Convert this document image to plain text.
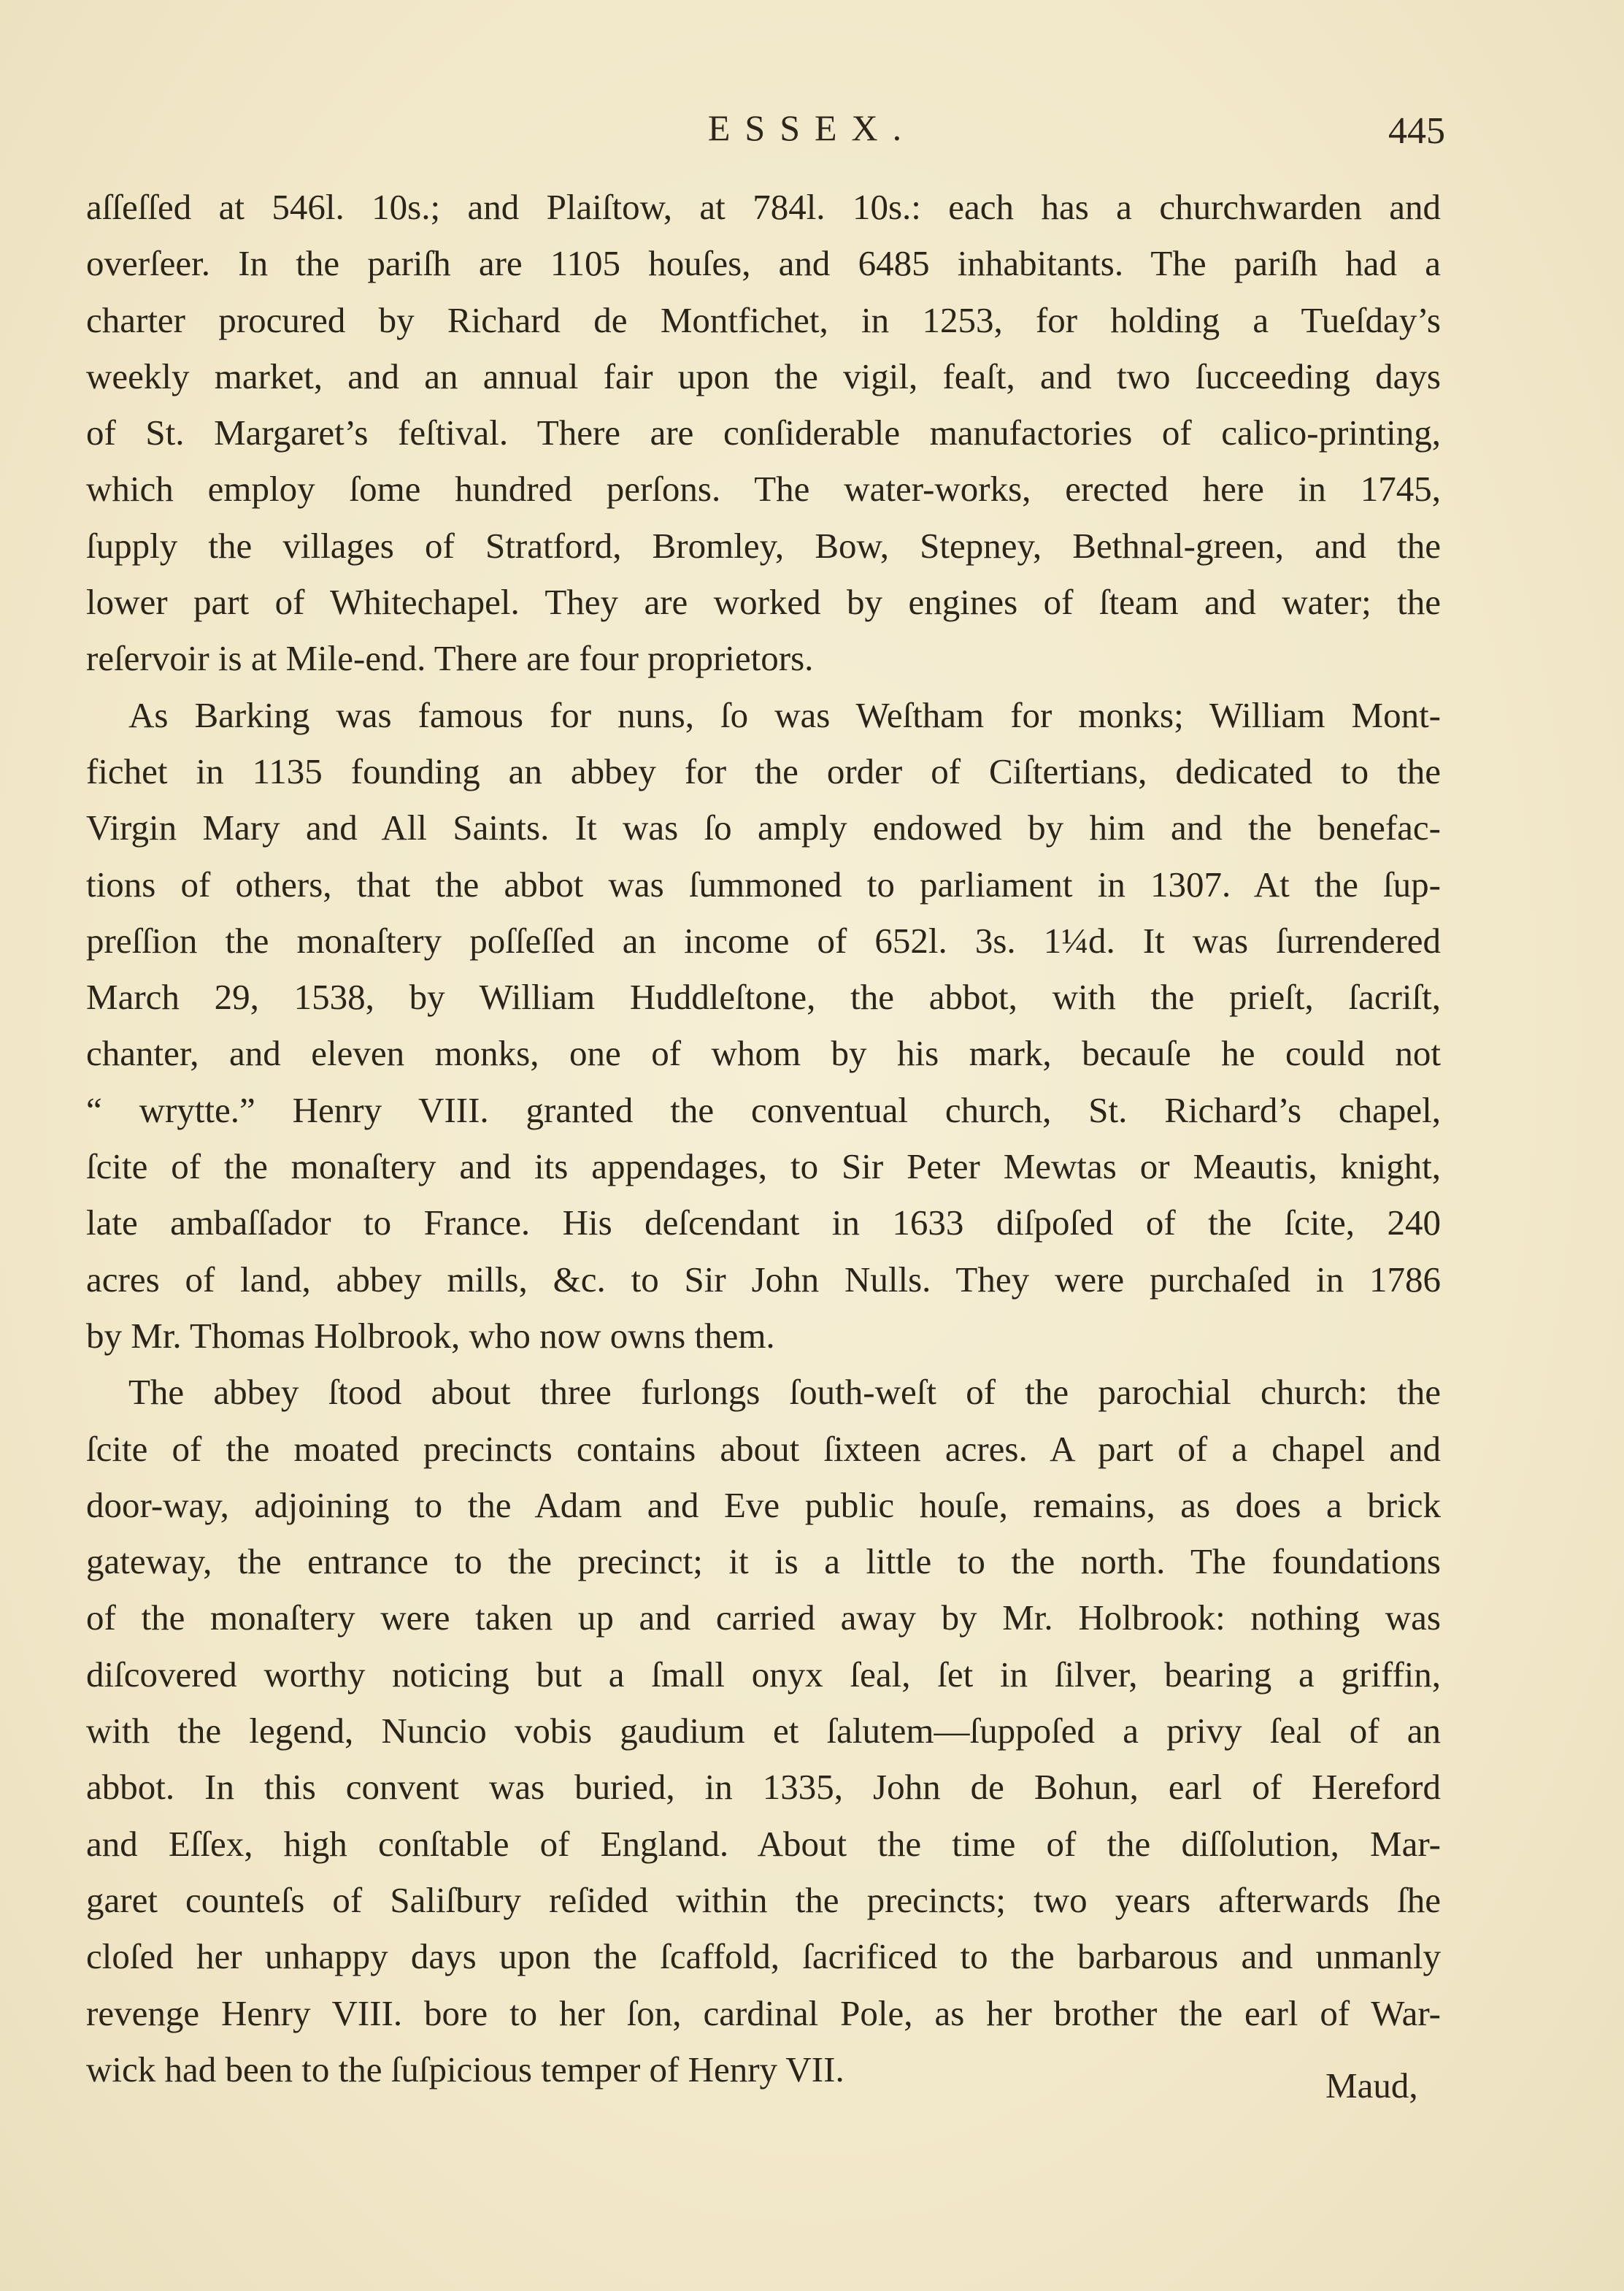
ESSEX.	445
aſſeſſed at 546l. 10s.; and Plaiſtow, at 784l. 10s.: each has a churchwarden and
overſeer. In the pariſh are 1105 houſes, and 6485 inhabitants. The pariſh had a
charter procured by Richard de Montfichet, in 1253, for holding a Tueſday’s
weekly market, and an annual fair upon the vigil, feaſt, and two ſucceeding days
of St. Margaret’s feſtival. There are conſiderable manufactories of calico-printing,
which employ ſome hundred perſons. The water-works, erected here in 1745,
ſupply the villages of Stratford, Bromley, Bow, Stepney, Bethnal-green, and the
lower part of Whitechapel. They are worked by engines of ſteam and water; the
reſervoir is at Mile-end. There are four proprietors.
As Barking was famous for nuns, ſo was Weſtham for monks; William Mont-
fichet in 1135 founding an abbey for the order of Ciſtertians, dedicated to the
Virgin Mary and All Saints. It was ſo amply endowed by him and the benefac-
tions of others, that the abbot was ſummoned to parliament in 1307. At the ſup-
preſſion the monaſtery poſſeſſed an income of 652l. 3s. 1¼d. It was ſurrendered
March 29, 1538, by William Huddleſtone, the abbot, with the prieſt, ſacriſt,
chanter, and eleven monks, one of whom by his mark, becauſe he could not
“ wrytte.” Henry VIII. granted the conventual church, St. Richard’s chapel,
ſcite of the monaſtery and its appendages, to Sir Peter Mewtas or Meautis, knight,
late ambaſſador to France. His deſcendant in 1633 diſpoſed of the ſcite, 240
acres of land, abbey mills, &c. to Sir John Nulls. They were purchaſed in 1786
by Mr. Thomas Holbrook, who now owns them.
The abbey ſtood about three furlongs ſouth-weſt of the parochial church: the
ſcite of the moated precincts contains about ſixteen acres. A part of a chapel and
door-way, adjoining to the Adam and Eve public houſe, remains, as does a brick
gateway, the entrance to the precinct; it is a little to the north. The foundations
of the monaſtery were taken up and carried away by Mr. Holbrook: nothing was
diſcovered worthy noticing but a ſmall onyx ſeal, ſet in ſilver, bearing a griffin,
with the legend, Nuncio vobis gaudium et ſalutem—ſuppoſed a privy ſeal of an
abbot. In this convent was buried, in 1335, John de Bohun, earl of Hereford
and Eſſex, high conſtable of England. About the time of the diſſolution, Mar-
garet counteſs of Saliſbury reſided within the precincts; two years afterwards ſhe
cloſed her unhappy days upon the ſcaffold, ſacrificed to the barbarous and unmanly
revenge Henry VIII. bore to her ſon, cardinal Pole, as her brother the earl of War-
wick had been to the ſuſpicious temper of Henry VII.	Maud,
